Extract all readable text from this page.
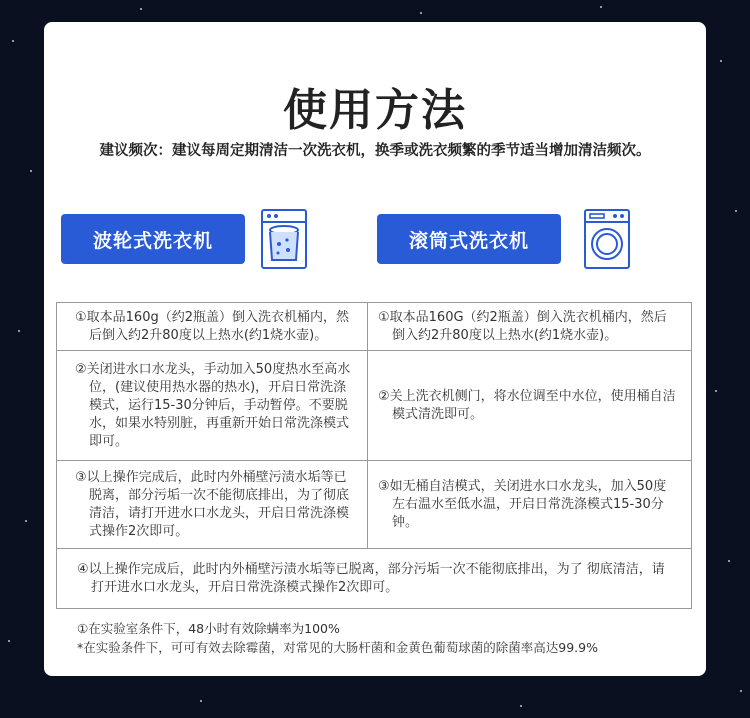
使用方法
建议频次：建议每周定期清洁一次洗衣机，换季或洗衣频繁的季节适当增加清洁频次。
波轮式洗衣机	滚筒式洗衣机

①取本品160g（约2瓶盖）倒入洗衣机桶内，然后倒入约2升80度以上热水(约1烧水壶)。

①取本品160G（约2瓶盖）倒入洗衣机桶内，然后倒入约2升80度以上热水(约1烧水壶)。

②关闭进水口水龙头，手动加入50度热水至高水位，(建议使用热水器的热水)，开启日常洗涤模式，运行15-30分钟后，手动暂停。不要脱水，如果水特别脏，再重新开始日常洗涤模式即可。

②关上洗衣机侧门，将水位调至中水位，使用桶自洁模式清洗即可。

③以上操作完成后，此时内外桶壁污渍水垢等已脱离，部分污垢一次不能彻底排出，为了彻底清洁，请打开进水口水龙头，开启日常洗涤模式操作2次即可。

③如无桶自洁模式，关闭进水口水龙头，加入50度左右温水至低水温，开启日常洗涤模式15-30分钟。

④以上操作完成后，此时内外桶壁污渍水垢等已脱离，部分污垢一次不能彻底排出，为了 彻底清洁，请打开进水口水龙头，开启日常洗涤模式操作2次即可。

①在实验室条件下，48小时有效除螨率为100%
*在实验条件下，可可有效去除霉菌，对常见的大肠杆菌和金黄色葡萄球菌的除菌率高达99.9%
